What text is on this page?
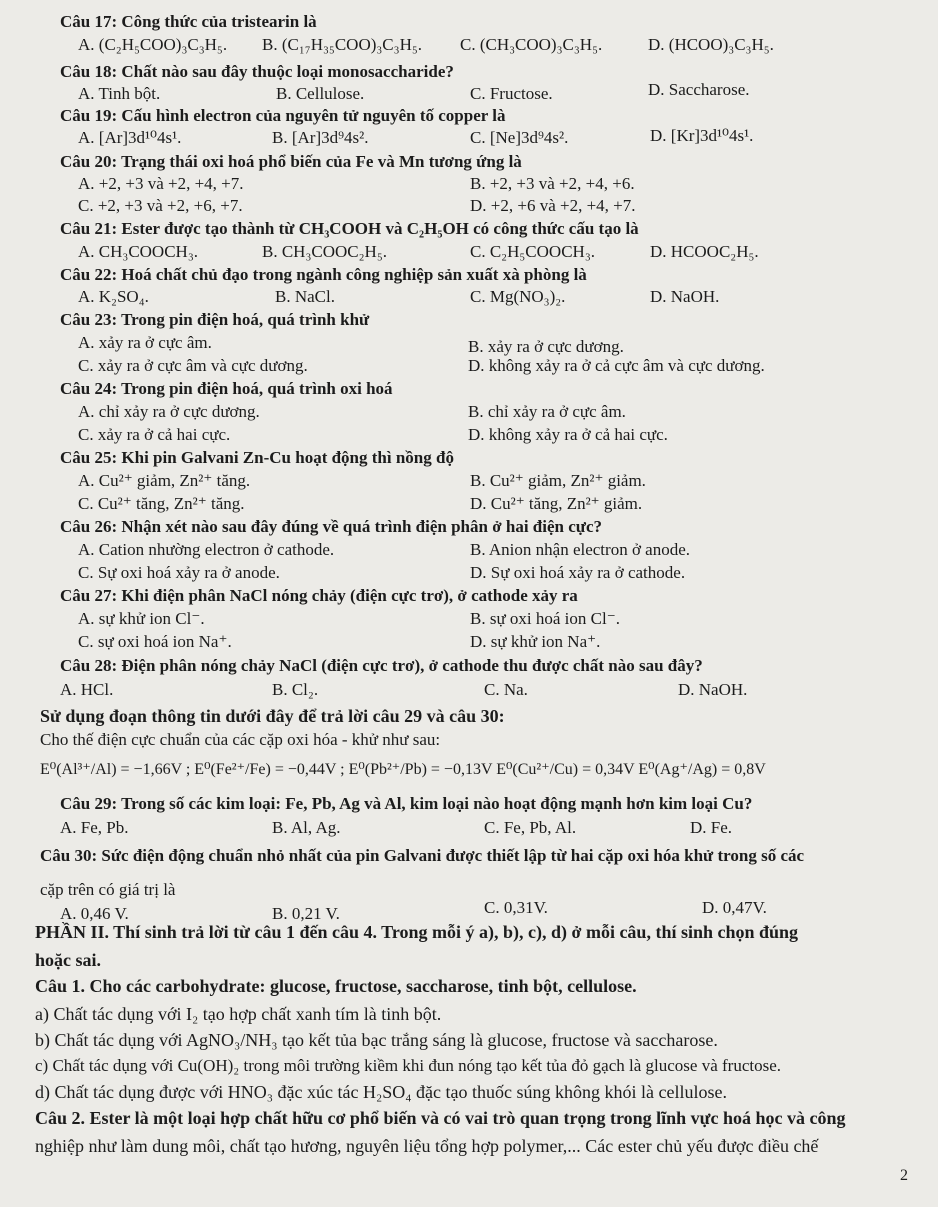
Câu 17: Công thức của tristearin là
A. (C₂H₅COO)₃C₃H₅. B. (C₁₇H₃₅COO)₃C₃H₅. C. (CH₃COO)₃C₃H₅.	D. (HCOO)₃C₃H₅.
Câu 18: Chất nào sau đây thuộc loại monosaccharide?
A. Tinh bột.	B. Cellulose.	C. Fructose.	D. Saccharose.
Câu 19: Cấu hình electron của nguyên tử nguyên tố copper là
A. [Ar]3d¹⁰4s¹.	B. [Ar]3d⁹4s².	C. [Ne]3d⁹4s².	D. [Kr]3d¹⁰4s¹.
Câu 20: Trạng thái oxi hoá phổ biến của Fe và Mn tương ứng là
A. +2, +3 và +2, +4, +7.	B. +2, +3 và +2, +4, +6.
C. +2, +3 và +2, +6, +7.	D. +2, +6 và +2, +4, +7.
Câu 21: Ester được tạo thành từ CH₃COOH và C₂H₅OH có công thức cấu tạo là
A. CH₃COOCH₃.	B. CH₃COOC₂H₅.	C. C₂H₅COOCH₃.	D. HCOOC₂H₅.
Câu 22: Hoá chất chủ đạo trong ngành công nghiệp sản xuất xà phòng là
A. K₂SO₄.	B. NaCl.	C. Mg(NO₃)₂.	D. NaOH.
Câu 23: Trong pin điện hoá, quá trình khử
A. xảy ra ở cực âm.	B. xảy ra ở cực dương.
C. xảy ra ở cực âm và cực dương.	D. không xảy ra ở cả cực âm và cực dương.
Câu 24: Trong pin điện hoá, quá trình oxi hoá
A. chỉ xảy ra ở cực dương.	B. chỉ xảy ra ở cực âm.
C. xảy ra ở cả hai cực.	D. không xảy ra ở cả hai cực.
Câu 25: Khi pin Galvani Zn-Cu hoạt động thì nồng độ
A. Cu²⁺ giảm, Zn²⁺ tăng.	B. Cu²⁺ giảm, Zn²⁺ giảm.
C. Cu²⁺ tăng, Zn²⁺ tăng.	D. Cu²⁺ tăng, Zn²⁺ giảm.
Câu 26: Nhận xét nào sau đây đúng về quá trình điện phân ở hai điện cực?
A. Cation nhường electron ở cathode.	B. Anion nhận electron ở anode.
C. Sự oxi hoá xảy ra ở anode.	D. Sự oxi hoá xảy ra ở cathode.
Câu 27: Khi điện phân NaCl nóng chảy (điện cực trơ), ở cathode xảy ra
A. sự khử ion Cl⁻.	B. sự oxi hoá ion Cl⁻.
C. sự oxi hoá ion Na⁺.	D. sự khử ion Na⁺.
Câu 28: Điện phân nóng chảy NaCl (điện cực trơ), ở cathode thu được chất nào sau đây?
A. HCl.	B. Cl₂.	C. Na.	D. NaOH.
Sử dụng đoạn thông tin dưới đây để trả lời câu 29 và câu 30:
Cho thế điện cực chuẩn của các cặp oxi hóa - khử như sau:
E⁰(Al³⁺/Al) = −1,66V ; E⁰(Fe²⁺/Fe) = −0,44V ; E⁰(Pb²⁺/Pb) = −0,13V E⁰(Cu²⁺/Cu) = 0,34V E⁰(Ag⁺/Ag) = 0,8V
Câu 29: Trong số các kim loại: Fe, Pb, Ag và Al, kim loại nào hoạt động mạnh hơn kim loại Cu?
A. Fe, Pb.	B. Al, Ag.	C. Fe, Pb, Al.	D. Fe.
Câu 30: Sức điện động chuẩn nhỏ nhất của pin Galvani được thiết lập từ hai cặp oxi hóa khử trong số các
cặp trên có giá trị là
A. 0,46 V.	B. 0,21 V.	C. 0,31V.	D. 0,47V.
PHẦN II. Thí sinh trả lời từ câu 1 đến câu 4. Trong mỗi ý a), b), c), d) ở mỗi câu, thí sinh chọn đúng
hoặc sai.
Câu 1. Cho các carbohydrate: glucose, fructose, saccharose, tinh bột, cellulose.
a) Chất tác dụng với I₂ tạo hợp chất xanh tím là tinh bột.
b) Chất tác dụng với AgNO₃/NH₃ tạo kết tủa bạc trắng sáng là glucose, fructose và saccharose.
c) Chất tác dụng với Cu(OH)₂ trong môi trường kiềm khi đun nóng tạo kết tủa đỏ gạch là glucose và fructose.
d) Chất tác dụng được với HNO₃ đặc xúc tác H₂SO₄ đặc tạo thuốc súng không khói là cellulose.
Câu 2. Ester là một loại hợp chất hữu cơ phổ biến và có vai trò quan trọng trong lĩnh vực hoá học và công
nghiệp như làm dung môi, chất tạo hương, nguyên liệu tổng hợp polymer,... Các ester chủ yếu được điều chế
2
